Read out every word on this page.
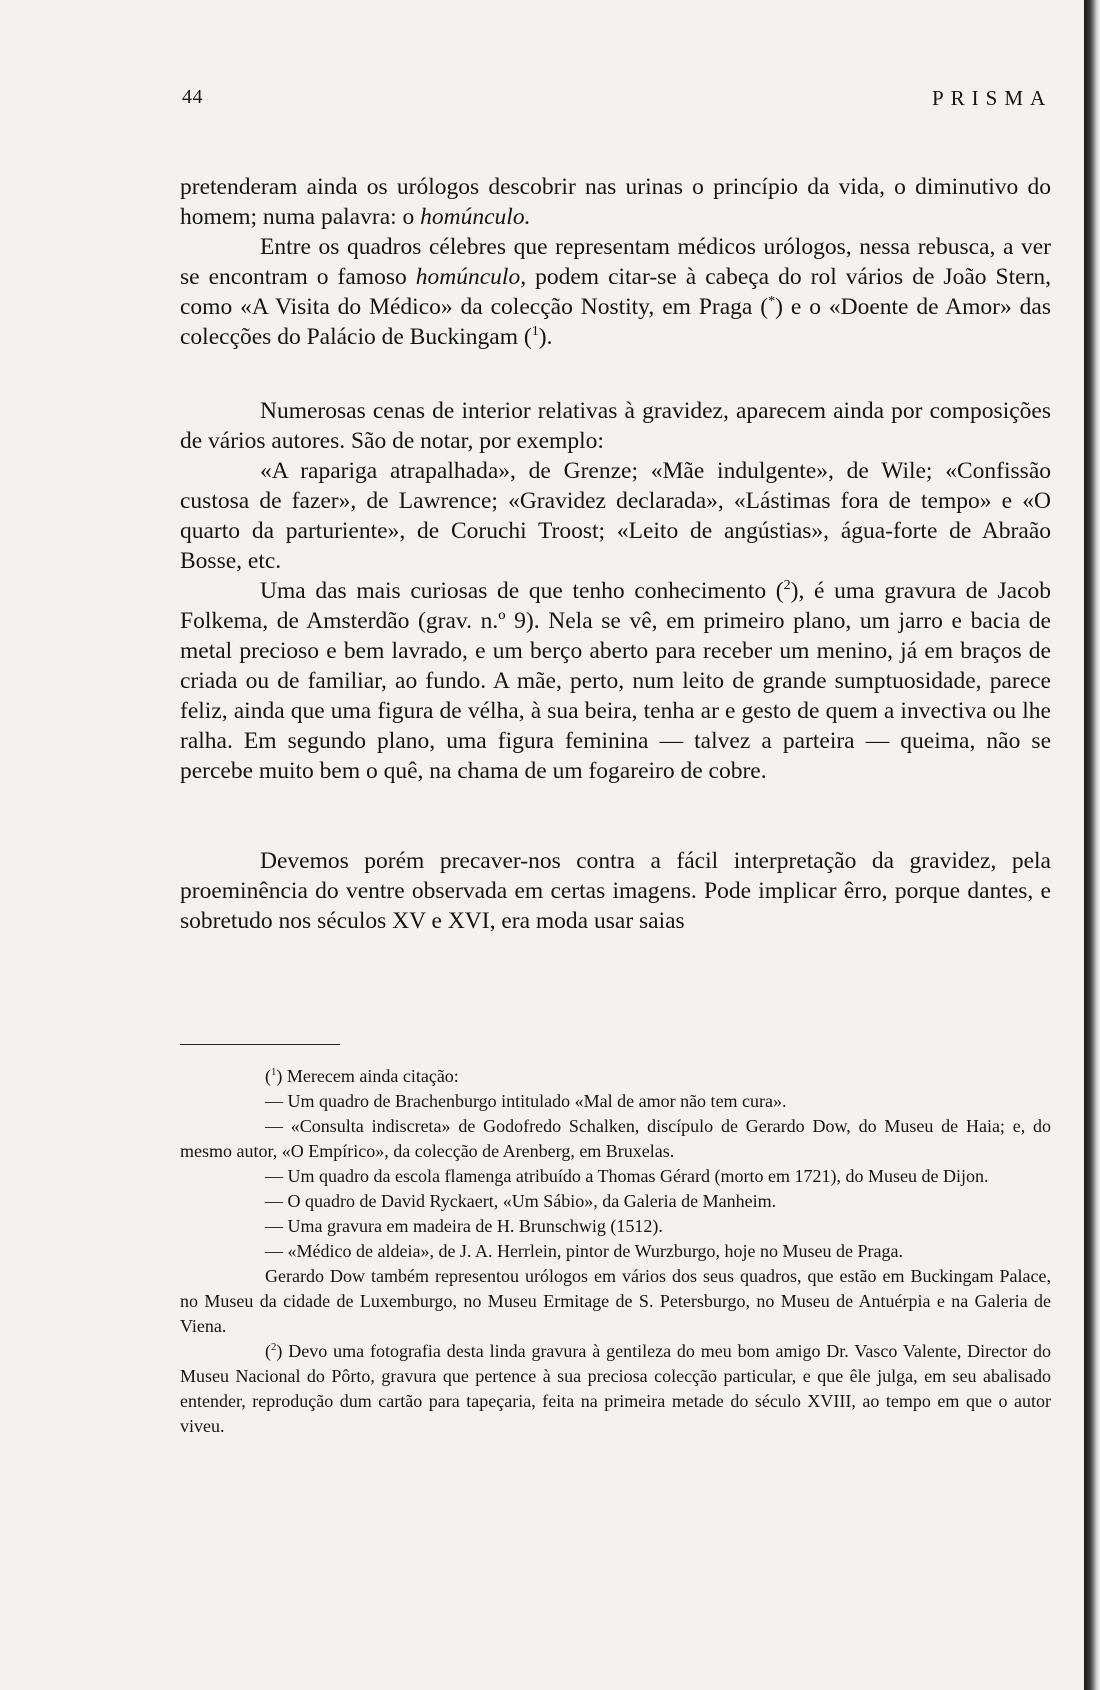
44	PRISMA

pretenderam ainda os urólogos descobrir nas urinas o princípio da vida, o diminutivo do homem; numa palavra: o homúnculo.

Entre os quadros célebres que representam médicos urólogos, nessa rebusca, a ver se encontram o famoso homúnculo, podem citar-se à cabeça do rol vários de João Stern, como «A Visita do Médico» da colecção Nostity, em Praga (*) e o «Doente de Amor» das colecções do Palácio de Buckingam ($^1$).

Numerosas cenas de interior relativas à gravidez, aparecem ainda por composições de vários autores. São de notar, por exemplo:

«A rapariga atrapalhada», de Grenze; «Mãe indulgente», de Wile; «Confissão custosa de fazer», de Lawrence; «Gravidez declarada», «Lástimas fora de tempo» e «O quarto da parturiente», de Coruchi Troost; «Leito de angústias», água-forte de Abraão Bosse, etc.

Uma das mais curiosas de que tenho conhecimento ($^2$), é uma gravura de Jacob Folkema, de Amsterdão (grav. n.º 9). Nela se vê, em primeiro plano, um jarro e bacia de metal precioso e bem lavrado, e um berço aberto para receber um menino, já em braços de criada ou de familiar, ao fundo. A mãe, perto, num leito de grande sumptuosidade, parece feliz, ainda que uma figura de vélha, à sua beira, tenha ar e gesto de quem a invectiva ou lhe ralha. Em segundo plano, uma figura feminina — talvez a parteira — queima, não se percebe muito bem o quê, na chama de um fogareiro de cobre.

Devemos porém precaver-nos contra a fácil interpretação da gravidez, pela proeminência do ventre observada em certas imagens. Pode implicar êrro, porque dantes, e sobretudo nos séculos XV e XVI, era moda usar saias

($^1$) Merecem ainda citação:

— Um quadro de Brachenburgo intitulado «Mal de amor não tem cura».

— «Consulta indiscreta» de Godofredo Schalken, discípulo de Gerardo Dow, do Museu de Haia; e, do mesmo autor, «O Empírico», da colecção de Arenberg, em Bruxelas.

— Um quadro da escola flamenga atribuído a Thomas Gérard (morto em 1721), do Museu de Dijon.

— O quadro de David Ryckaert, «Um Sábio», da Galeria de Manheim.

— Uma gravura em madeira de H. Brunschwig (1512).

— «Médico de aldeia», de J. A. Herrlein, pintor de Wurzburgo, hoje no Museu de Praga.

Gerardo Dow também representou urólogos em vários dos seus quadros, que estão em Buckingam Palace, no Museu da cidade de Luxemburgo, no Museu Ermitage de S. Petersburgo, no Museu de Antuérpia e na Galeria de Viena.

($^2$) Devo uma fotografia desta linda gravura à gentileza do meu bom amigo Dr. Vasco Valente, Director do Museu Nacional do Pôrto, gravura que pertence à sua preciosa colecção particular, e que êle julga, em seu abalisado entender, reprodução dum cartão para tapeçaria, feita na primeira metade do século XVIII, ao tempo em que o autor viveu.
